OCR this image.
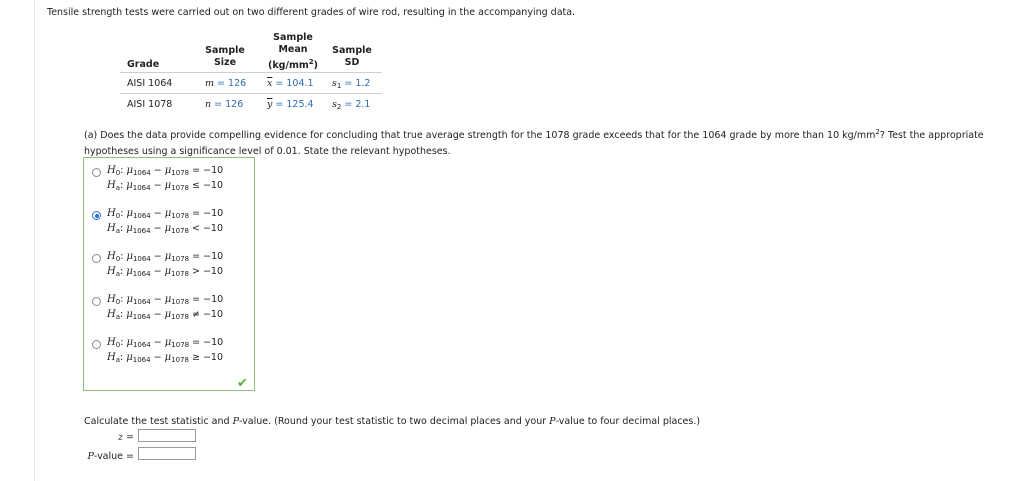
Tensile strength tests were carried out on two different grades of wire rod, resulting in the accompanying data.
Grade
Sample
Size
Sample
Mean
$(kg/mm^2)$
Sample
SD
AISI 1064	m = 126 $\overline{x} = 104.1$ $s_1 = 1.2$
AISI 1078	n = 126 $\overline{y} = 125.4$ $s_2 = 2.1$
(a) Does the data provide compelling evidence for concluding that true average strength for the 1078 grade exceeds that for the 1064 grade by more than 10 $kg/mm^2$? Test the appropriate hypotheses using a significance level of 0.01. State the relevant hypotheses.
$H_0$: $\mu_{1064} - \mu_{1078} = -10$
$H_a$: $\mu_{1064} - \mu_{1078} \le -10$
$H_0$: $\mu_{1064} - \mu_{1078} = -10$
$H_a$: $\mu_{1064} - \mu_{1078} < -10$
$H_0$: $\mu_{1064} - \mu_{1078} = -10$
$H_a$: $\mu_{1064} - \mu_{1078} > -10$
$H_0$: $\mu_{1064} - \mu_{1078} = -10$
$H_a$: $\mu_{1064} - \mu_{1078} \ne -10$
$H_0$: $\mu_{1064} - \mu_{1078} = -10$
$H_a$: $\mu_{1064} - \mu_{1078} \ge -10$
✔
Calculate the test statistic and P-value. (Round your test statistic to two decimal places and your P-value to four decimal places.)
z =
P-value =
